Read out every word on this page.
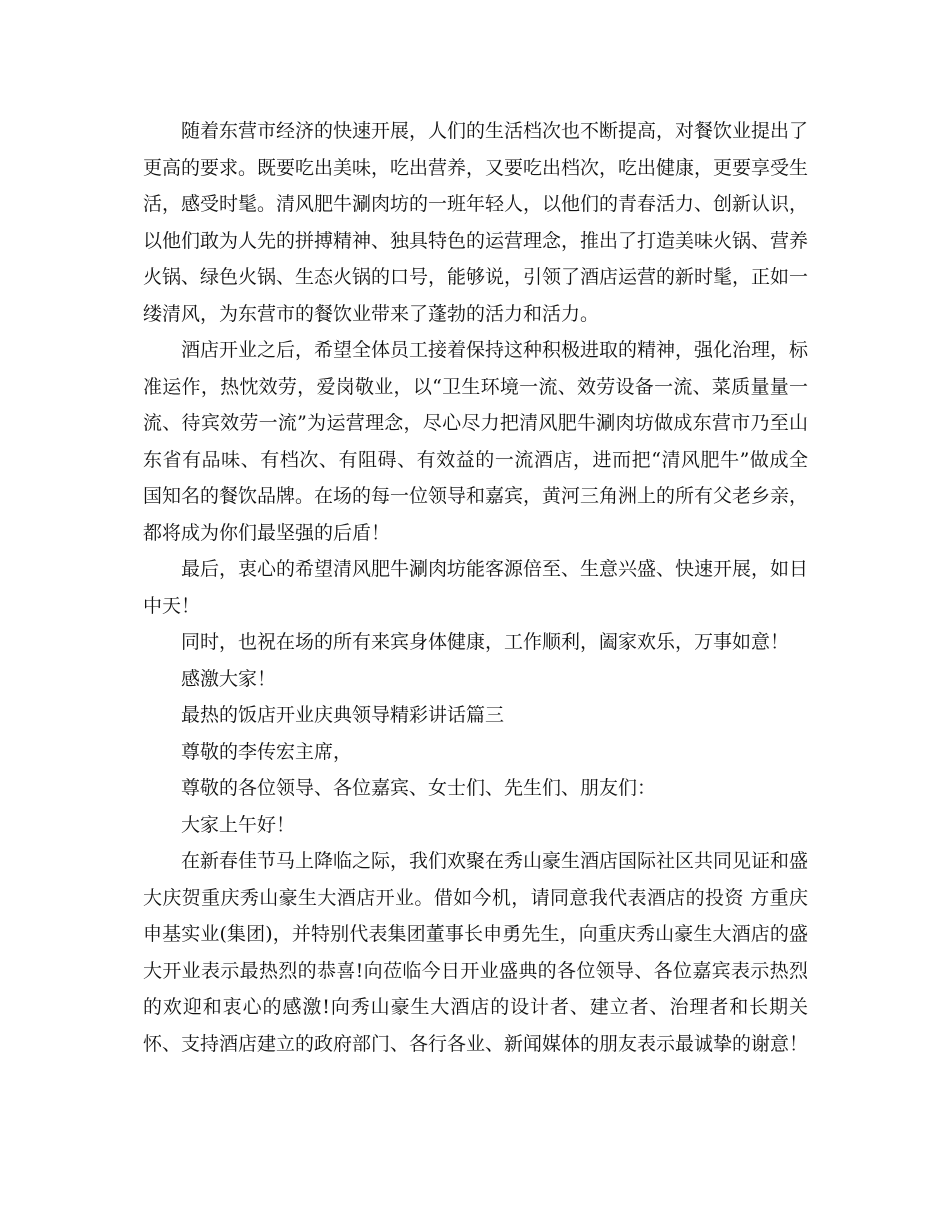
随着东营市经济的快速开展，人们的生活档次也不断提高，对餐饮业提出了更高的要求。既要吃出美味，吃出营养，又要吃出档次，吃出健康，更要享受生活，感受时髦。清风肥牛涮肉坊的一班年轻人，以他们的青春活力、创新认识，以他们敢为人先的拼搏精神、独具特色的运营理念，推出了打造美味火锅、营养火锅、绿色火锅、生态火锅的口号，能够说，引领了酒店运营的新时髦，正如一缕清风，为东营市的餐饮业带来了蓬勃的活力和活力。

酒店开业之后，希望全体员工接着保持这种积极进取的精神，强化治理，标准运作，热忱效劳，爱岗敬业，以“卫生环境一流、效劳设备一流、菜质量量一流、待宾效劳一流”为运营理念，尽心尽力把清风肥牛涮肉坊做成东营市乃至山东省有品味、有档次、有阻碍、有效益的一流酒店，进而把“清风肥牛”做成全国知名的餐饮品牌。在场的每一位领导和嘉宾，黄河三角洲上的所有父老乡亲，都将成为你们最坚强的后盾！

最后，衷心的希望清风肥牛涮肉坊能客源倍至、生意兴盛、快速开展，如日中天！

同时，也祝在场的所有来宾身体健康，工作顺利，阖家欢乐，万事如意！

感激大家！

最热的饭店开业庆典领导精彩讲话篇三

尊敬的李传宏主席，

尊敬的各位领导、各位嘉宾、女士们、先生们、朋友们：

大家上午好！

在新春佳节马上降临之际，我们欢聚在秀山豪生酒店国际社区共同见证和盛大庆贺重庆秀山豪生大酒店开业。借如今机，请同意我代表酒店的投资 方重庆申基实业(集团)，并特别代表集团董事长申勇先生，向重庆秀山豪生大酒店的盛大开业表示最热烈的恭喜!向莅临今日开业盛典的各位领导、各位嘉宾表示热烈的欢迎和衷心的感激!向秀山豪生大酒店的设计者、建立者、治理者和长期关怀、支持酒店建立的政府部门、各行各业、新闻媒体的朋友表示最诚挚的谢意！
